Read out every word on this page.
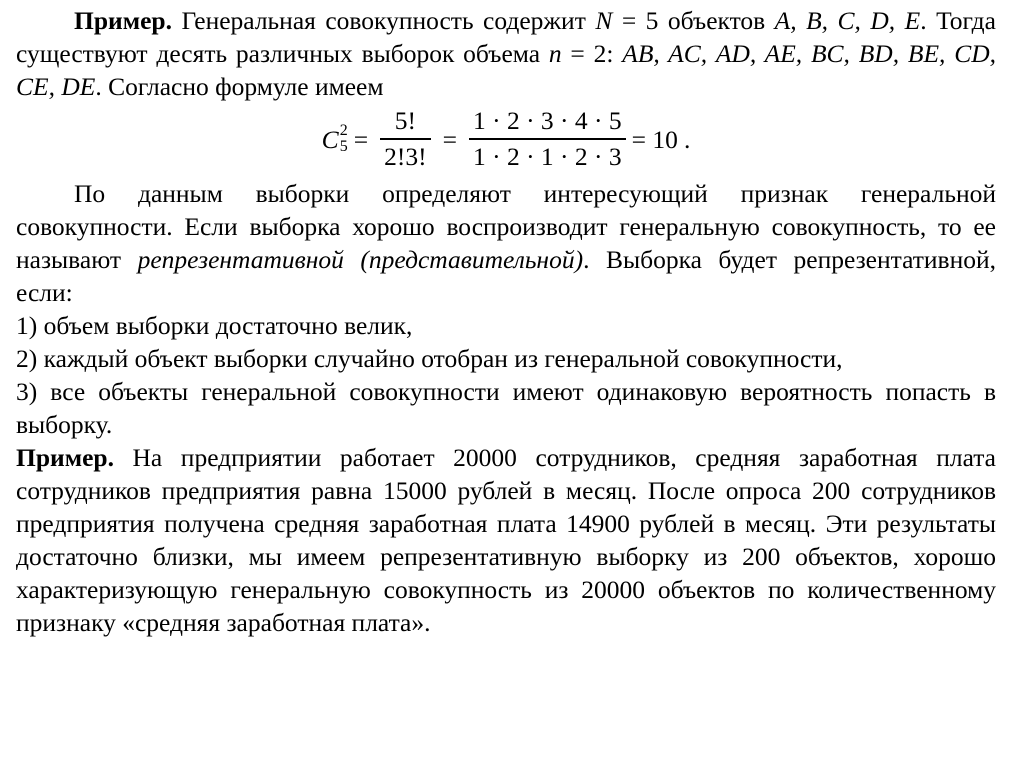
Пример. Генеральная совокупность содержит N = 5 объектов A, B, C, D, E. Тогда существуют десять различных выборок объема n = 2: AB, AC, AD, AE, BC, BD, BE, CD, CE, DE. Согласно формуле имеем

C 2
$5 = \frac{5!}{2!3!} = \frac{1 \cdot 2 \cdot 3 \cdot 4 \cdot 5}{1 \cdot 2 \cdot 1 \cdot 2 \cdot 3} = 10$ .

По данным выборки определяют интересующий признак генеральной совокупности. Если выборка хорошо воспроизводит генеральную совокупность, то ее называют репрезентативной (представительной). Выборка будет репрезентативной, если:

1) объем выборки достаточно велик,

2) каждый объект выборки случайно отобран из генеральной совокупности,

3) все объекты генеральной совокупности имеют одинаковую вероятность попасть в выборку.

Пример. На предприятии работает 20000 сотрудников, средняя заработная плата сотрудников предприятия равна 15000 рублей в месяц. После опроса 200 сотрудников предприятия получена средняя заработная плата 14900 рублей в месяц. Эти результаты достаточно близки, мы имеем репрезентативную выборку из 200 объектов, хорошо характеризующую генеральную совокупность из 20000 объектов по количественному признаку «средняя заработная плата».
